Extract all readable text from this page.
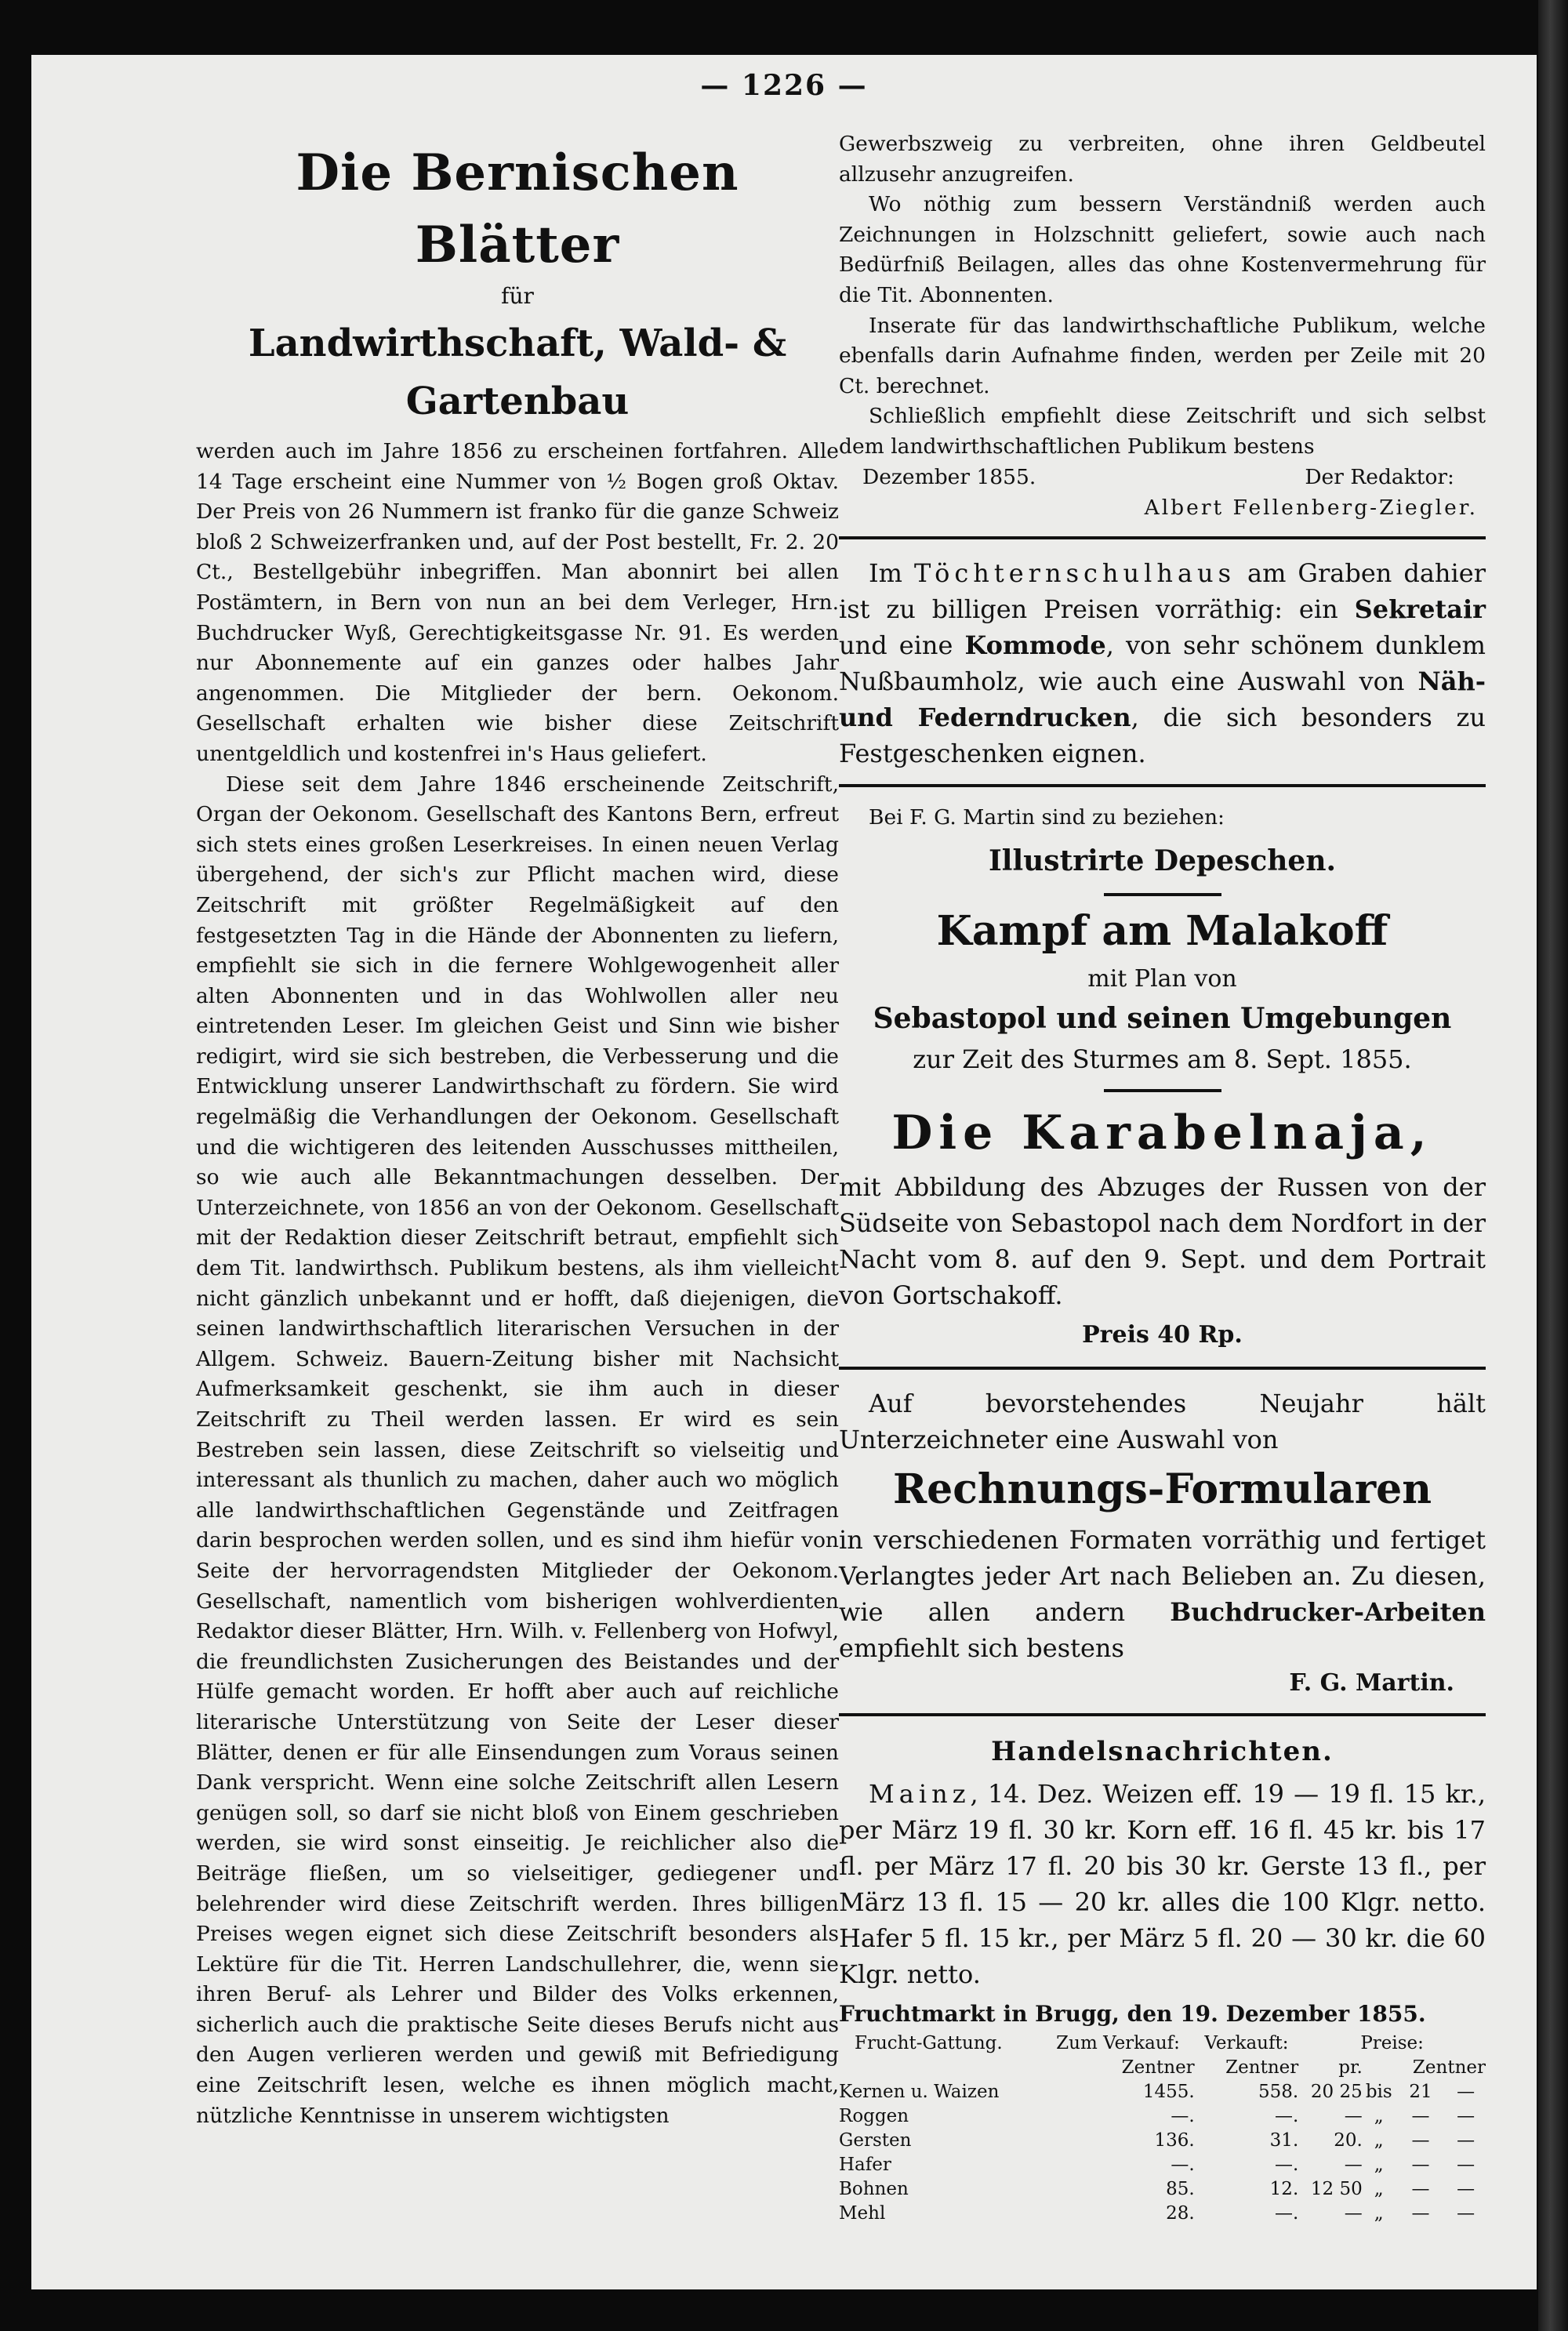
— 1226 —
Die Bernischen Blätter
für
Landwirthschaft, Wald- & Gartenbau

werden auch im Jahre 1856 zu erscheinen fortfahren. Alle 14 Tage erscheint eine Nummer von ½ Bogen groß Oktav. Der Preis von 26 Nummern ist franko für die ganze Schweiz bloß 2 Schweizerfranken und, auf der Post bestellt, Fr. 2. 20 Ct., Bestellgebühr inbegriffen. Man abonnirt bei allen Postämtern, in Bern von nun an bei dem Verleger, Hrn. Buchdrucker Wyß, Gerechtigkeitsgasse Nr. 91. Es werden nur Abonnemente auf ein ganzes oder halbes Jahr angenommen. Die Mitglieder der bern. Oekonom. Gesellschaft erhalten wie bisher diese Zeitschrift unentgeldlich und kostenfrei in's Haus geliefert.

Diese seit dem Jahre 1846 erscheinende Zeitschrift, Organ der Oekonom. Gesellschaft des Kantons Bern, erfreut sich stets eines großen Leserkreises. In einen neuen Verlag übergehend, der sich's zur Pflicht machen wird, diese Zeitschrift mit größter Regelmäßigkeit auf den festgesetzten Tag in die Hände der Abonnenten zu liefern, empfiehlt sie sich in die fernere Wohlgewogenheit aller alten Abonnenten und in das Wohlwollen aller neu eintretenden Leser. Im gleichen Geist und Sinn wie bisher redigirt, wird sie sich bestreben, die Verbesserung und die Entwicklung unserer Landwirthschaft zu fördern. Sie wird regelmäßig die Verhandlungen der Oekonom. Gesellschaft und die wichtigeren des leitenden Ausschusses mittheilen, so wie auch alle Bekanntmachungen desselben. Der Unterzeichnete, von 1856 an von der Oekonom. Gesellschaft mit der Redaktion dieser Zeitschrift betraut, empfiehlt sich dem Tit. landwirthsch. Publikum bestens, als ihm vielleicht nicht gänzlich unbekannt und er hofft, daß diejenigen, die seinen landwirthschaftlich literarischen Versuchen in der Allgem. Schweiz. Bauern-Zeitung bisher mit Nachsicht Aufmerksamkeit geschenkt, sie ihm auch in dieser Zeitschrift zu Theil werden lassen. Er wird es sein Bestreben sein lassen, diese Zeitschrift so vielseitig und interessant als thunlich zu machen, daher auch wo möglich alle landwirthschaftlichen Gegenstände und Zeitfragen darin besprochen werden sollen, und es sind ihm hiefür von Seite der hervorragendsten Mitglieder der Oekonom. Gesellschaft, namentlich vom bisherigen wohlverdienten Redaktor dieser Blätter, Hrn. Wilh. v. Fellenberg von Hofwyl, die freundlichsten Zusicherungen des Beistandes und der Hülfe gemacht worden. Er hofft aber auch auf reichliche literarische Unterstützung von Seite der Leser dieser Blätter, denen er für alle Einsendungen zum Voraus seinen Dank verspricht. Wenn eine solche Zeitschrift allen Lesern genügen soll, so darf sie nicht bloß von Einem geschrieben werden, sie wird sonst einseitig. Je reichlicher also die Beiträge fließen, um so vielseitiger, gediegener und belehrender wird diese Zeitschrift werden. Ihres billigen Preises wegen eignet sich diese Zeitschrift besonders als Lektüre für die Tit. Herren Landschullehrer, die, wenn sie ihren Beruf- als Lehrer und Bilder des Volks erkennen, sicherlich auch die praktische Seite dieses Berufs nicht aus den Augen verlieren werden und gewiß mit Befriedigung eine Zeitschrift lesen, welche es ihnen möglich macht, nützliche Kenntnisse in unserem wichtigsten

Gewerbszweig zu verbreiten, ohne ihren Geldbeutel allzusehr anzugreifen.

Wo nöthig zum bessern Verständniß werden auch Zeichnungen in Holzschnitt geliefert, sowie auch nach Bedürfniß Beilagen, alles das ohne Kostenvermehrung für die Tit. Abonnenten.

Inserate für das landwirthschaftliche Publikum, welche ebenfalls darin Aufnahme finden, werden per Zeile mit 20 Ct. berechnet.

Schließlich empfiehlt diese Zeitschrift und sich selbst dem landwirthschaftlichen Publikum bestens

Dezember 1855.	Der Redaktor:
Albert Fellenberg-Ziegler.

Im Töchternschulhaus am Graben dahier ist zu billigen Preisen vorräthig: ein Sekretair und eine Kommode, von sehr schönem dunklem Nußbaumholz, wie auch eine Auswahl von Näh- und Federndrucken, die sich besonders zu Festgeschenken eignen.

Bei F. G. Martin sind zu beziehen:

Illustrirte Depeschen.
Kampf am Malakoff
mit Plan von
Sebastopol und seinen Umgebungen
zur Zeit des Sturmes am 8. Sept. 1855.
Die Karabelnaja,

mit Abbildung des Abzuges der Russen von der Südseite von Sebastopol nach dem Nordfort in der Nacht vom 8. auf den 9. Sept. und dem Portrait von Gortschakoff.

Preis 40 Rp.

Auf bevorstehendes Neujahr hält Unterzeichneter eine Auswahl von

Rechnungs-Formularen

in verschiedenen Formaten vorräthig und fertiget Verlangtes jeder Art nach Belieben an. Zu diesen, wie allen andern Buchdrucker-Arbeiten empfiehlt sich bestens

F. G. Martin.
Handelsnachrichten.

Mainz, 14. Dez. Weizen eff. 19 — 19 fl. 15 kr., per März 19 fl. 30 kr. Korn eff. 16 fl. 45 kr. bis 17 fl. per März 17 fl. 20 bis 30 kr. Gerste 13 fl., per März 13 fl. 15 — 20 kr. alles die 100 Klgr. netto. Hafer 5 fl. 15 kr., per März 5 fl. 20 — 30 kr. die 60 Klgr. netto.

Fruchtmarkt in Brugg, den 19. Dezember 1855.
Frucht-Gattung.	Zum Verkauf:	Verkauft:	Preise:			
	Zentner	Zentner	pr.		Zentner	
Kernen u. Waizen	1455.	558.	20 25	bis	21	—
Roggen	—.	—.	—	„	—	—
Gersten	136.	31.	20.	„	—	—
Hafer	—.	—.	—	„	—	—
Bohnen	85.	12.	12 50	„	—	—
Mehl	28.	—.	—	„	—	—
